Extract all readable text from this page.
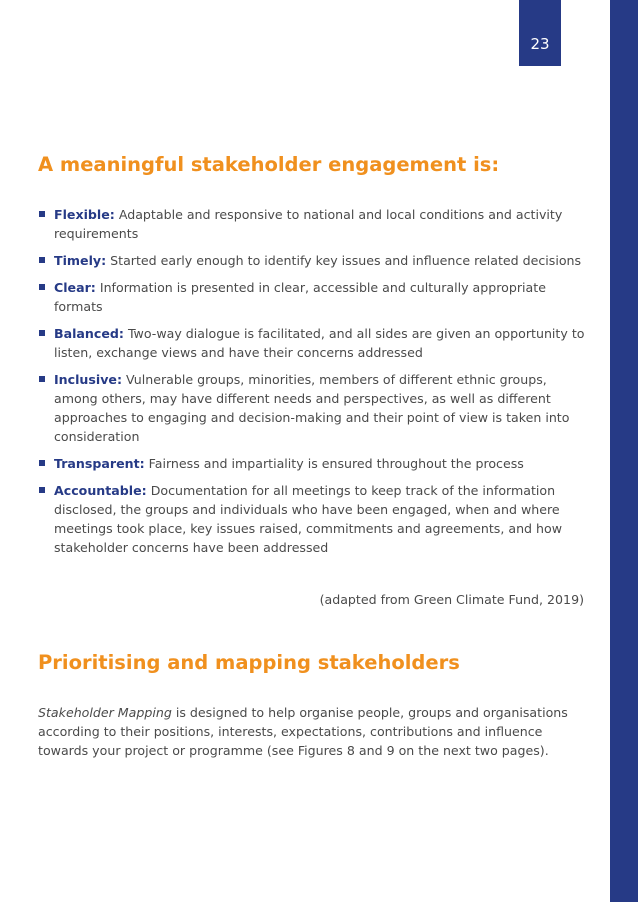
23
A meaningful stakeholder engagement is:
Flexible: Adaptable and responsive to national and local conditions and activity requirements
Timely: Started early enough to identify key issues and influence related decisions
Clear: Information is presented in clear, accessible and culturally appropriate formats
Balanced: Two-way dialogue is facilitated, and all sides are given an opportunity to listen, exchange views and have their concerns addressed
Inclusive: Vulnerable groups, minorities, members of different ethnic groups, among others, may have different needs and perspectives, as well as different approaches to engaging and decision-making and their point of view is taken into consideration
Transparent: Fairness and impartiality is ensured throughout the process
Accountable: Documentation for all meetings to keep track of the information disclosed, the groups and individuals who have been engaged, when and where meetings took place, key issues raised, commitments and agreements, and how stakeholder concerns have been addressed

(adapted from Green Climate Fund, 2019)

Prioritising and mapping stakeholders

Stakeholder Mapping is designed to help organise people, groups and organisations according to their positions, interests, expectations, contributions and influence towards your project or programme (see Figures 8 and 9 on the next two pages).
